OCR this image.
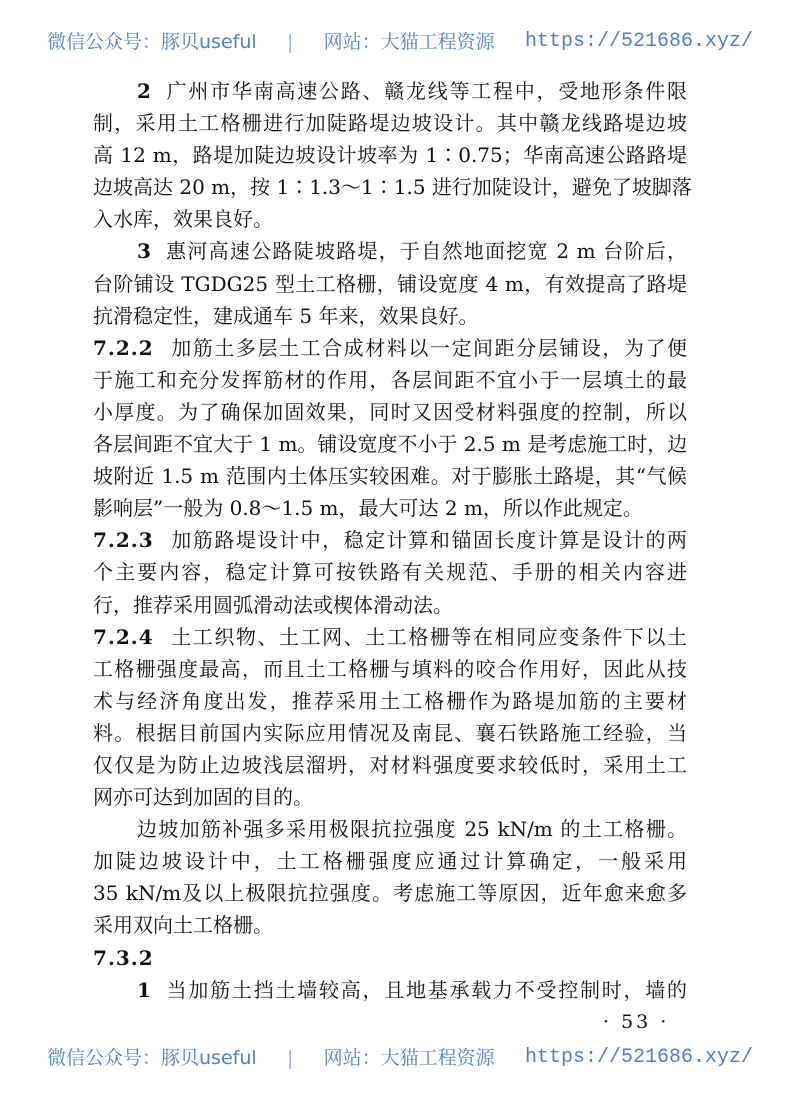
微信公众号：豚贝useful | 网站：大猫工程资源 https://521686.xyz/
2 广州市华南高速公路、赣龙线等工程中，受地形条件限
制，采用土工格栅进行加陡路堤边坡设计。其中赣龙线路堤边坡
高 12 m，路堤加陡边坡设计坡率为 1∶0.75；华南高速公路路堤
边坡高达 20 m，按 1∶1.3～1∶1.5 进行加陡设计，避免了坡脚落
入水库，效果良好。
3 惠河高速公路陡坡路堤，于自然地面挖宽 2 m 台阶后，
台阶铺设 TGDG25 型土工格栅，铺设宽度 4 m，有效提高了路堤
抗滑稳定性，建成通车 5 年来，效果良好。
7.2.2 加筋土多层土工合成材料以一定间距分层铺设，为了便
于施工和充分发挥筋材的作用，各层间距不宜小于一层填土的最
小厚度。为了确保加固效果，同时又因受材料强度的控制，所以
各层间距不宜大于 1 m。铺设宽度不小于 2.5 m 是考虑施工时，边
坡附近 1.5 m 范围内土体压实较困难。对于膨胀土路堤，其“气候
影响层”一般为 0.8～1.5 m，最大可达 2 m，所以作此规定。
7.2.3 加筋路堤设计中，稳定计算和锚固长度计算是设计的两
个主要内容，稳定计算可按铁路有关规范、手册的相关内容进
行，推荐采用圆弧滑动法或楔体滑动法。
7.2.4 土工织物、土工网、土工格栅等在相同应变条件下以土
工格栅强度最高，而且土工格栅与填料的咬合作用好，因此从技
术与经济角度出发，推荐采用土工格栅作为路堤加筋的主要材
料。根据目前国内实际应用情况及南昆、襄石铁路施工经验，当
仅仅是为防止边坡浅层溜坍，对材料强度要求较低时，采用土工
网亦可达到加固的目的。
边坡加筋补强多采用极限抗拉强度 25 kN/m 的土工格栅。
加陡边坡设计中，土工格栅强度应通过计算确定，一般采用
35 kN/m及以上极限抗拉强度。考虑施工等原因，近年愈来愈多
采用双向土工格栅。
7.3.2
1 当加筋土挡土墙较高，且地基承载力不受控制时，墙的
· 53 ·
微信公众号：豚贝useful | 网站：大猫工程资源 https://521686.xyz/
